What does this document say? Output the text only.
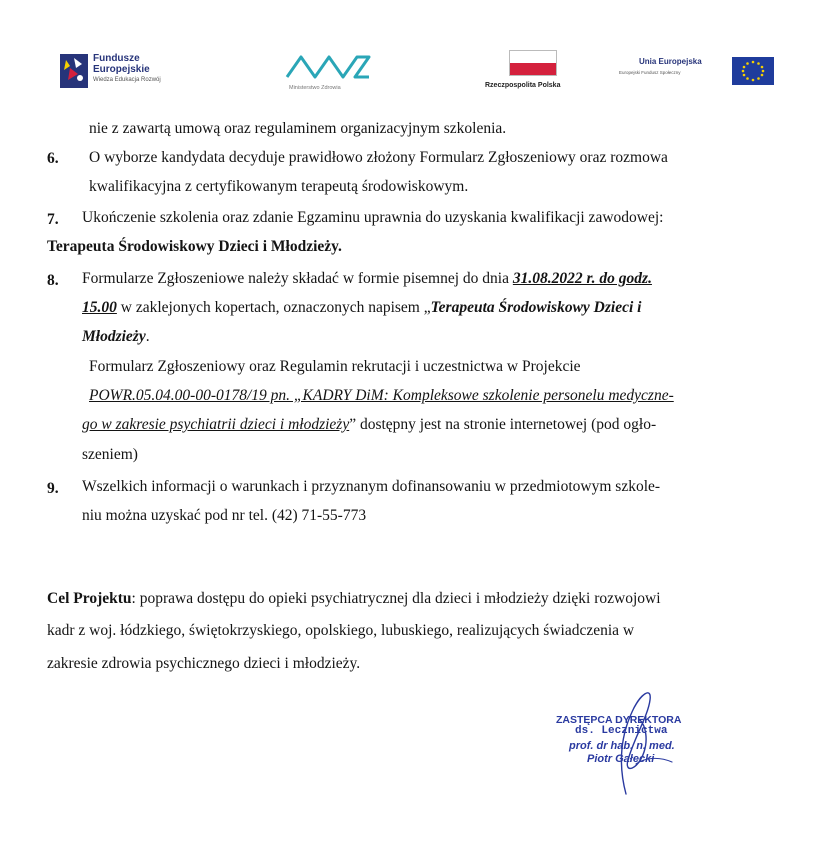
Fundusze
Europejskie
Wiedza Edukacja Rozwój
Ministerstwo Zdrowia	Rzeczpospolita Polska
Unia Europejska
Europejski Fundusz Społeczny
nie z zawartą umową oraz regulaminem organizacyjnym szkolenia.
6. O wyborze kandydata decyduje prawidłowo złożony Formularz Zgłoszeniowy oraz rozmowa
kwalifikacyjna z certyfikowanym terapeutą środowiskowym.
7. Ukończenie szkolenia oraz zdanie Egzaminu uprawnia do uzyskania kwalifikacji zawodowej:
Terapeuta Środowiskowy Dzieci i Młodzieży.
8. Formularze Zgłoszeniowe należy składać w formie pisemnej do dnia 31.08.2022 r. do godz.
15.00 w zaklejonych kopertach, oznaczonych napisem „Terapeuta Środowiskowy Dzieci i
Młodzieży.
Formularz Zgłoszeniowy oraz Regulamin rekrutacji i uczestnictwa w Projekcie
POWR.05.04.00-00-0178/19 pn. „KADRY DiM: Kompleksowe szkolenie personelu medyczne-
go w zakresie psychiatrii dzieci i młodzieży” dostępny jest na stronie internetowej (pod ogło-
szeniem)
9. Wszelkich informacji o warunkach i przyznanym dofinansowaniu w przedmiotowym szkole-
niu można uzyskać pod nr tel. (42) 71-55-773
Cel Projektu: poprawa dostępu do opieki psychiatrycznej dla dzieci i młodzieży dzięki rozwojowi
kadr z woj. łódzkiego, świętokrzyskiego, opolskiego, lubuskiego, realizujących świadczenia w
zakresie zdrowia psychicznego dzieci i młodzieży.
ZASTĘPCA DYREKTORA
ds. Lecznictwa
prof. dr hab. n. med.
Piotr Gałecki
